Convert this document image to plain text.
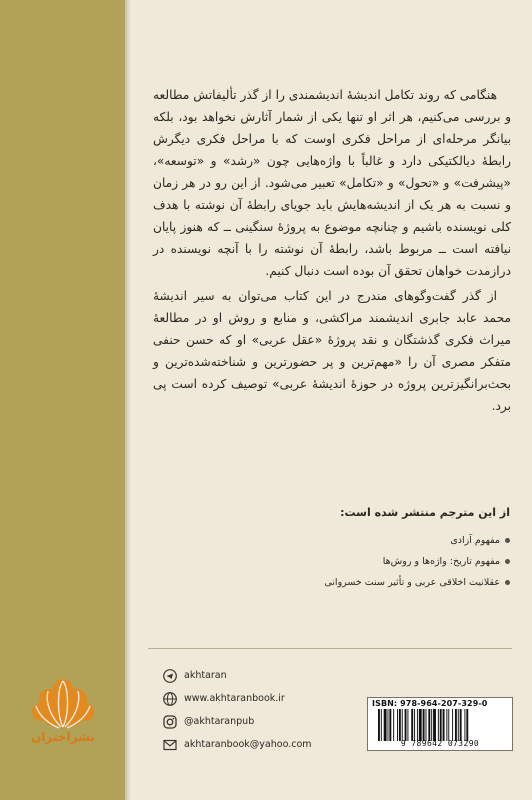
هنگامی که روند تکامل اندیشهٔ اندیشمندی را از گذر تألیفاتش مطالعه و بررسی می‌کنیم، هر اثر او تنها یکی از شمار آثارش نخواهد بود، بلکه بیانگر مرحله‌ای از مراحل فکری اوست که با مراحل فکری دیگرش رابطهٔ دیالکتیکی دارد و غالباً با واژه‌هایی چون «رشد» و «توسعه»، «پیشرفت» و «تحول» و «تکامل» تعبیر می‌شود. از این رو در هر زمان و نسبت به هر یک از اندیشه‌هایش باید جویای رابطهٔ آن نوشته با هدف کلی نویسنده باشیم و چنانچه موضوع به پروژهٔ سنگینی ــ که هنوز پایان نیافته است ــ مربوط باشد، رابطهٔ آن نوشته را با آنچه نویسنده در درازمدت خواهان تحقق آن بوده است دنبال کنیم.

از گذر گفت‌وگوهای مندرج در این کتاب می‌توان به سیر اندیشهٔ محمد عابد جابری اندیشمند مراکشی، و منابع و روش او در مطالعهٔ میراث فکری گذشتگان و نقد پروژهٔ «عقل عربی» او که حسن حنفی متفکر مصری آن را «مهم‌ترین و پر حضورترین و شناخته‌شده‌ترین و بحث‌برانگیزترین پروژه در حوزهٔ اندیشهٔ عربی» توصیف کرده است پی برد.

از این مترجم منتشر شده است:
مفهوم آزادی
مفهوم تاریخ: واژه‌ها و روش‌ها
عقلانیت اخلاقی عربی و تأثیر سنت خسروانی
akhtaran
www.akhtaranbook.ir
@akhtaranpub
akhtaranbook@yahoo.com
ISBN: 978-964-207-329-0
9 789642 073290
نشراختران
